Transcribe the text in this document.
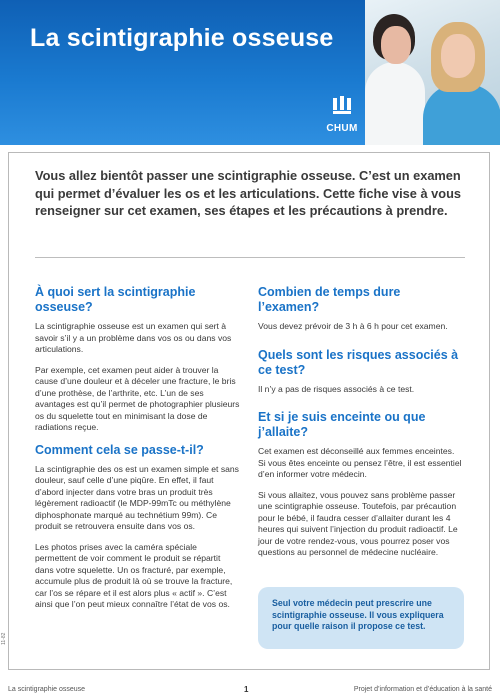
La scintigraphie osseuse
CHUM

Vous allez bientôt passer une scintigraphie osseuse. C’est un examen qui permet d’évaluer les os et les articulations. Cette fiche vise à vous renseigner sur cet examen, ses étapes et les précautions à prendre.

À quoi sert la scintigraphie osseuse?

La scintigraphie osseuse est un examen qui sert à savoir s’il y a un problème dans vos os ou dans vos articulations.

Par exemple, cet examen peut aider à trouver la cause d’une douleur et à déceler une fracture, le bris d’une prothèse, de l’arthrite, etc. L’un de ses avantages est qu’il permet de photographier plusieurs os du squelette tout en minimisant la dose de radiations reçue.

Comment cela se passe-t-il?

La scintigraphie des os est un examen simple et sans douleur, sauf celle d’une piqûre. En effet, il faut d’abord injecter dans votre bras un produit très légèrement radioactif (le MDP-99mTc ou méthylène diphosphonate marqué au technétium 99m). Ce produit se retrouvera ensuite dans vos os.

Les photos prises avec la caméra spéciale permettent de voir comment le produit se répartit dans votre squelette. Un os fracturé, par exemple, accumule plus de produit là où se trouve la fracture, car l’os se répare et il est alors plus « actif ». C’est ainsi que l’on peut mieux connaître l’état de vos os.

Combien de temps dure l’examen?

Vous devez prévoir de 3 h à 6 h pour cet examen.

Quels sont les risques associés à ce test?

Il n’y a pas de risques associés à ce test.

Et si je suis enceinte ou que j’allaite?

Cet examen est déconseillé aux femmes enceintes. Si vous êtes enceinte ou pensez l’être, il est essentiel d’en informer votre médecin.

Si vous allaitez, vous pouvez sans problème passer une scintigraphie osseuse. Toutefois, par précaution pour le bébé, il faudra cesser d’allaiter durant les 4 heures qui suivent l’injection du produit radioactif. Le jour de votre rendez-vous, vous pourrez poser vos questions au personnel de médecine nucléaire.

Seul votre médecin peut prescrire une scintigraphie osseuse. Il vous expliquera pour quelle raison il propose ce test.
11-82
La scintigraphie osseuse	1	Projet d’information et d’éducation à la santé
